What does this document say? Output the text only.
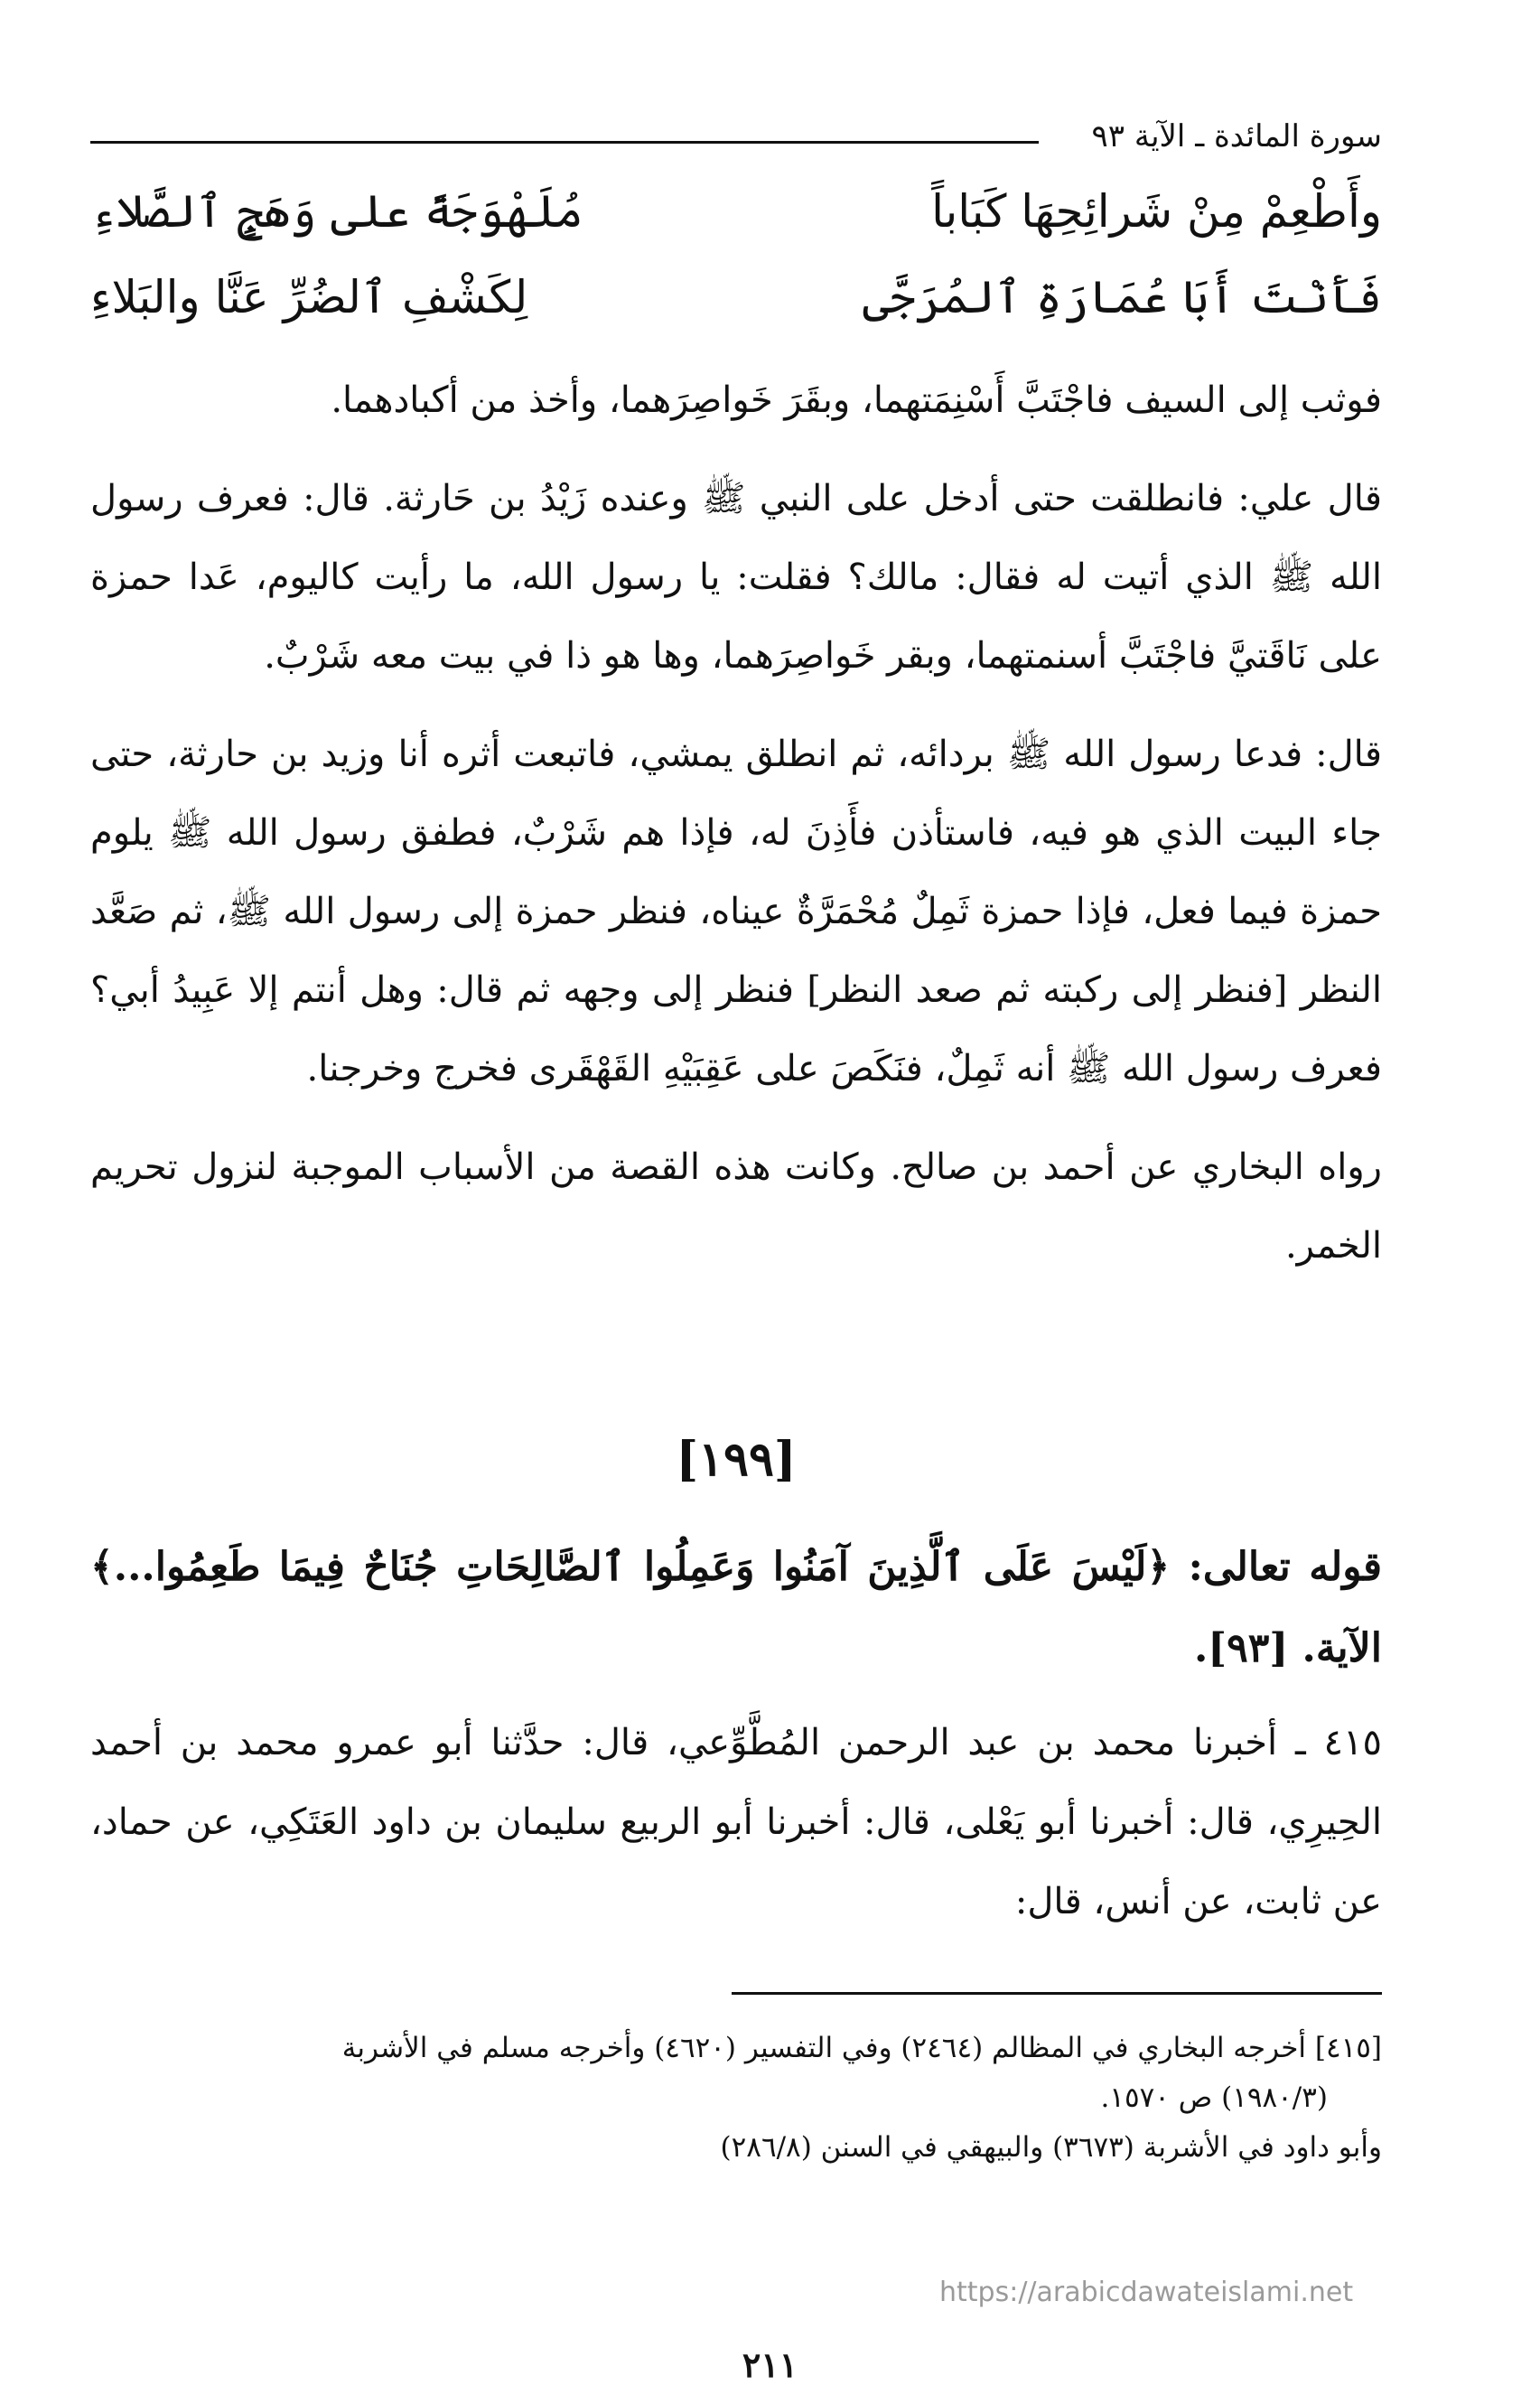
سورة المائدة ـ الآية ٩٣
وأَطْعِمْ مِنْ شَرائِحِهَا كَبَاباً
مُلَهْوَجَةً على وَهَجٍ ٱلصَّلاءِ
فَأَنْتَ أَبَا عُمَارَةِ ٱلمُرَجَّى
لِكَشْفِ ٱلضُرِّ عَنَّا والبَلاءِ

فوثب إلى السيف فاجْتَبَّ أَسْنِمَتهما، وبقَرَ خَواصِرَهما، وأخذ من أكبادهما.

قال علي: فانطلقت حتى أدخل على النبي ﷺ وعنده زَيْدُ بن حَارثة. قال: فعرف رسول الله ﷺ الذي أتيت له فقال: مالك؟ فقلت: يا رسول الله، ما رأيت كاليوم، عَدا حمزة على نَاقَتيَّ فاجْتَبَّ أسنمتهما، وبقر خَواصِرَهما، وها هو ذا في بيت معه شَرْبٌ.

قال: فدعا رسول الله ﷺ بردائه، ثم انطلق يمشي، فاتبعت أثره أنا وزيد بن حارثة، حتى جاء البيت الذي هو فيه، فاستأذن فأَذِنَ له، فإذا هم شَرْبٌ، فطفق رسول الله ﷺ يلوم حمزة فيما فعل، فإذا حمزة ثَمِلٌ مُحْمَرَّةٌ عيناه، فنظر حمزة إلى رسول الله ﷺ، ثم صَعَّد النظر [فنظر إلى ركبته ثم صعد النظر] فنظر إلى وجهه ثم قال: وهل أنتم إلا عَبِيدُ أبي؟ فعرف رسول الله ﷺ أنه ثَمِلٌ، فنَكَصَ على عَقِبَيْهِ القَهْقَرى فخرج وخرجنا.

رواه البخاري عن أحمد بن صالح. وكانت هذه القصة من الأسباب الموجبة لنزول تحريم الخمر.

[١٩٩]

قوله تعالى: ﴿لَيْسَ عَلَى ٱلَّذِينَ آمَنُوا وَعَمِلُوا ٱلصَّالِحَاتِ جُنَاحٌ فِيمَا طَعِمُوا...﴾ الآية. [٩٣].

٤١٥ ـ أخبرنا محمد بن عبد الرحمن المُطَّوِّعي، قال: حدَّثنا أبو عمرو محمد بن أحمد الحِيرِي، قال: أخبرنا أبو يَعْلى، قال: أخبرنا أبو الربيع سليمان بن داود العَتَكِي، عن حماد، عن ثابت، عن أنس، قال:

[٤١٥] أخرجه البخاري في المظالم (٢٤٦٤) وفي التفسير (٤٦٢٠) وأخرجه مسلم في الأشربة

(١٩٨٠/٣) ص ١٥٧٠.

وأبو داود في الأشربة (٣٦٧٣) والبيهقي في السنن (٢٨٦/٨)

https://arabicdawateislami.net
٢١١
